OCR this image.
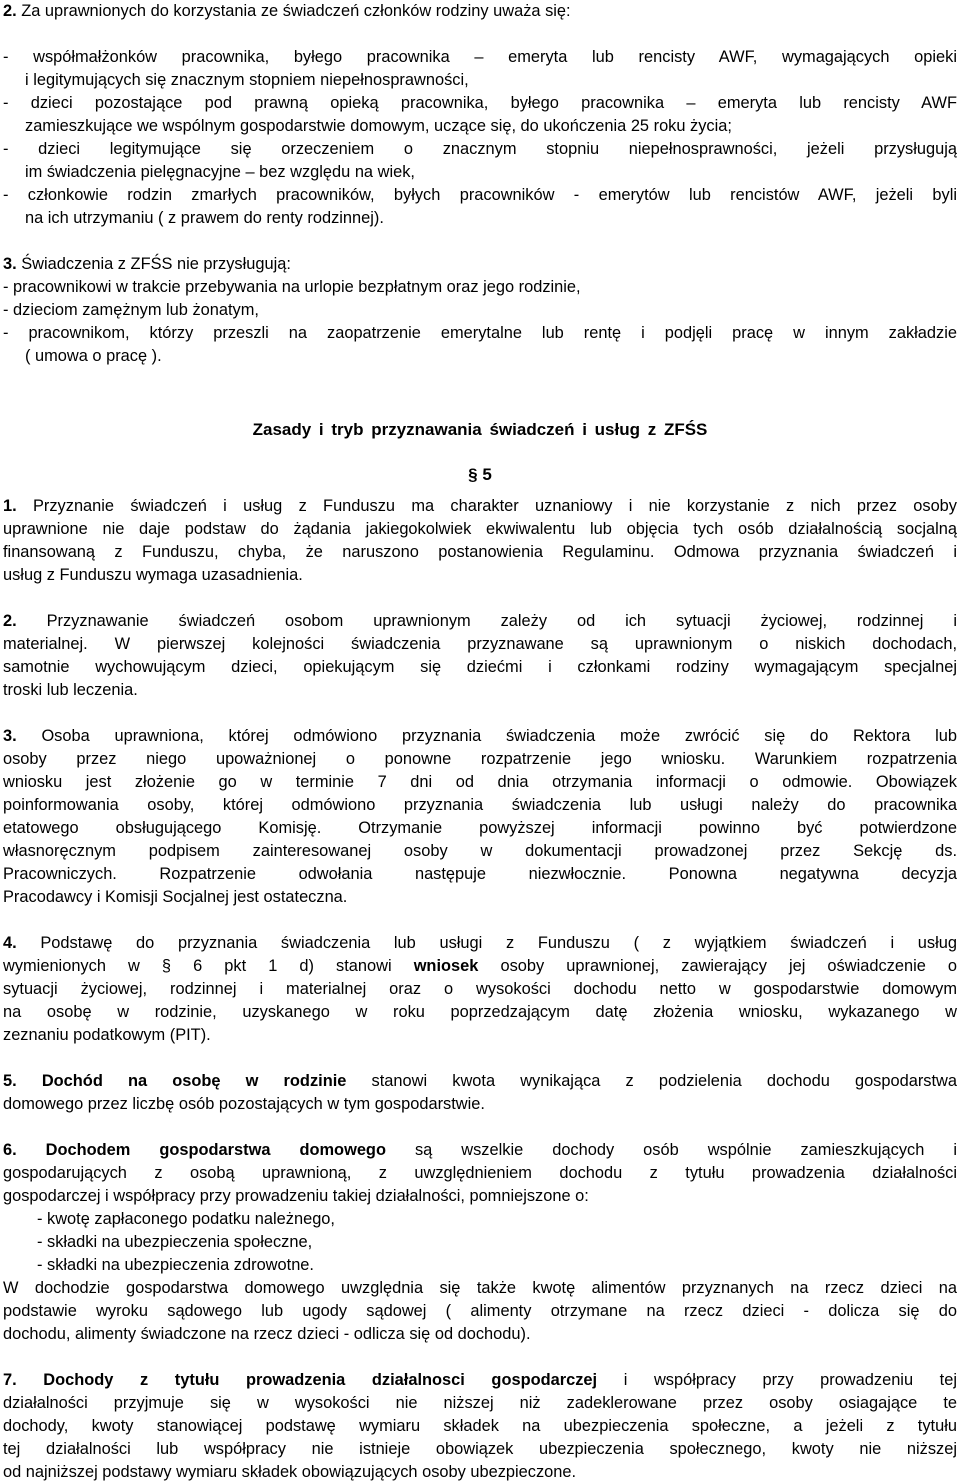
2. Za uprawnionych do korzystania ze świadczeń członków rodziny uważa się:
- współmałżonków pracownika, byłego pracownika – emeryta lub rencisty AWF, wymagających opieki
i legitymujących się znacznym stopniem niepełnosprawności,
- dzieci pozostające pod prawną opieką pracownika, byłego pracownika – emeryta lub rencisty AWF
zamieszkujące we wspólnym gospodarstwie domowym, uczące się, do ukończenia 25 roku życia;
- dzieci legitymujące się orzeczeniem o znacznym stopniu niepełnosprawności, jeżeli przysługują
im świadczenia pielęgnacyjne – bez względu na wiek,
- członkowie rodzin zmarłych pracowników, byłych pracowników - emerytów lub rencistów AWF, jeżeli byli
na ich utrzymaniu ( z prawem do renty rodzinnej).
3. Świadczenia z ZFŚS nie przysługują:
- pracownikowi w trakcie przebywania na urlopie bezpłatnym oraz jego rodzinie,
- dzieciom zamężnym lub żonatym,
- pracownikom, którzy przeszli na zaopatrzenie emerytalne lub rentę i podjęli pracę w innym zakładzie
( umowa o pracę ).
Zasady i tryb przyznawania świadczeń i usług z ZFŚS
§ 5
1. Przyznanie świadczeń i usług z Funduszu ma charakter uznaniowy i nie korzystanie z nich przez osoby
uprawnione nie daje podstaw do żądania jakiegokolwiek ekwiwalentu lub objęcia tych osób działalnością socjalną
finansowaną z Funduszu, chyba, że naruszono postanowienia Regulaminu. Odmowa przyznania świadczeń i
usług z Funduszu wymaga uzasadnienia.
2. Przyznawanie świadczeń osobom uprawnionym zależy od ich sytuacji życiowej, rodzinnej i
materialnej. W pierwszej kolejności świadczenia przyznawane są uprawnionym o niskich dochodach,
samotnie wychowującym dzieci, opiekującym się dziećmi i członkami rodziny wymagającym specjalnej
troski lub leczenia.
3. Osoba uprawniona, której odmówiono przyznania świadczenia może zwrócić się do Rektora lub
osoby przez niego upoważnionej o ponowne rozpatrzenie jego wniosku. Warunkiem rozpatrzenia
wniosku jest złożenie go w terminie 7 dni od dnia otrzymania informacji o odmowie. Obowiązek
poinformowania osoby, której odmówiono przyznania świadczenia lub usługi należy do pracownika
etatowego obsługującego Komisję. Otrzymanie powyższej informacji powinno być potwierdzone
własnoręcznym podpisem zainteresowanej osoby w dokumentacji prowadzonej przez Sekcję ds.
Pracowniczych. Rozpatrzenie odwołania następuje niezwłocznie. Ponowna negatywna decyzja
Pracodawcy i Komisji Socjalnej jest ostateczna.
4. Podstawę do przyznania świadczenia lub usługi z Funduszu ( z wyjątkiem świadczeń i usług
wymienionych w § 6 pkt 1 d) stanowi wniosek osoby uprawnionej, zawierający jej oświadczenie o
sytuacji życiowej, rodzinnej i materialnej oraz o wysokości dochodu netto w gospodarstwie domowym
na osobę w rodzinie, uzyskanego w roku poprzedzającym datę złożenia wniosku, wykazanego w
zeznaniu podatkowym (PIT).
5. Dochód na osobę w rodzinie stanowi kwota wynikająca z podzielenia dochodu gospodarstwa
domowego przez liczbę osób pozostających w tym gospodarstwie.
6. Dochodem gospodarstwa domowego są wszelkie dochody osób wspólnie zamieszkujących i
gospodarujących z osobą uprawnioną, z uwzględnieniem dochodu z tytułu prowadzenia działalności
gospodarczej i współpracy przy prowadzeniu takiej działalności, pomniejszone o:
- kwotę zapłaconego podatku należnego,
- składki na ubezpieczenia społeczne,
- składki na ubezpieczenia zdrowotne.
W dochodzie gospodarstwa domowego uwzględnia się także kwotę alimentów przyznanych na rzecz dzieci na
podstawie wyroku sądowego lub ugody sądowej ( alimenty otrzymane na rzecz dzieci - dolicza się do
dochodu, alimenty świadczone na rzecz dzieci - odlicza się od dochodu).
7. Dochody z tytułu prowadzenia działalnosci gospodarczej i współpracy przy prowadzeniu tej
działalności przyjmuje się w wysokości nie niższej niż zadeklerowane przez osoby osiagające te
dochody, kwoty stanowiącej podstawę wymiaru składek na ubezpieczenia społeczne, a jeżeli z tytułu
tej działalności lub współpracy nie istnieje obowiązek ubezpieczenia społecznego, kwoty nie niższej
od najniższej podstawy wymiaru składek obowiązujących osoby ubezpieczone.
